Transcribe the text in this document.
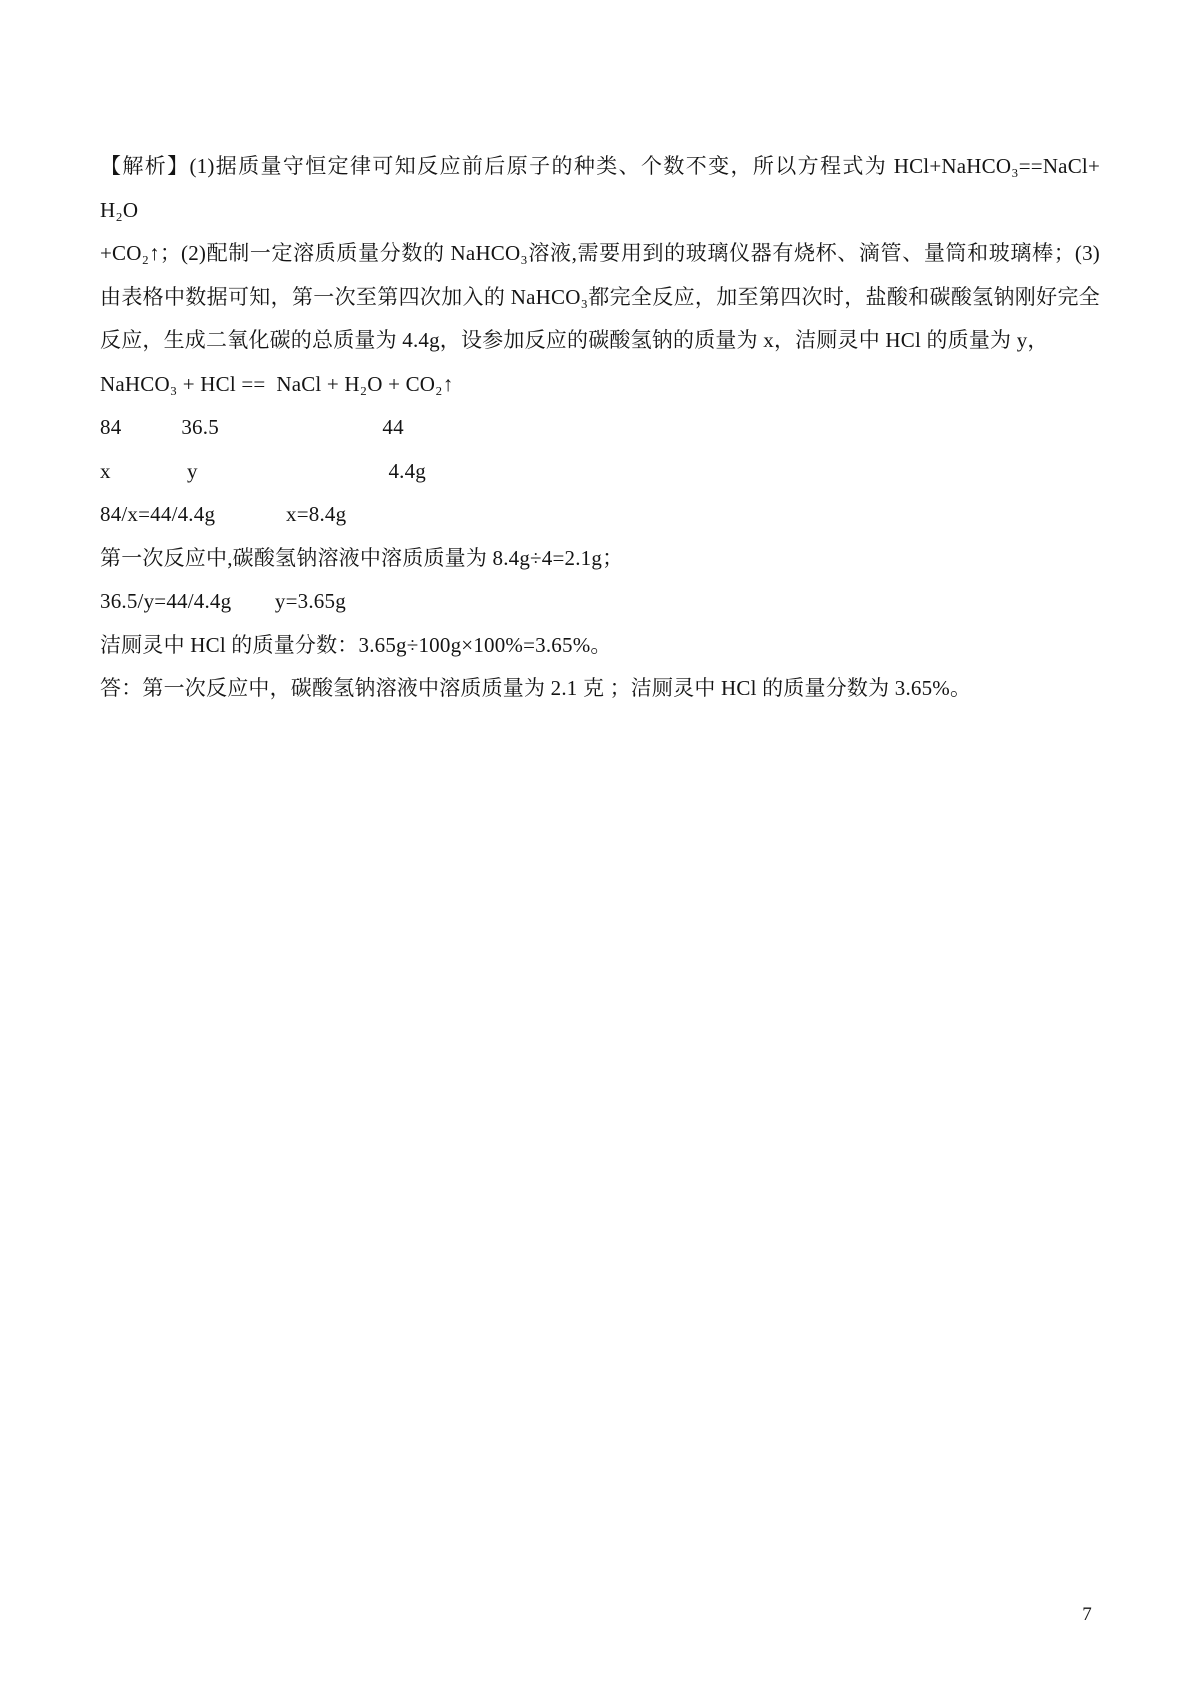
【解析】(1)据质量守恒定律可知反应前后原子的种类、个数不变，所以方程式为 HCl+NaHCO₃==NaCl+ H₂O
+CO₂↑；(2)配制一定溶质质量分数的 NaHCO₃溶液,需要用到的玻璃仪器有烧杯、滴管、量筒和玻璃棒；(3)
由表格中数据可知，第一次至第四次加入的 NaHCO₃都完全反应，加至第四次时，盐酸和碳酸氢钠刚好完全
反应，生成二氧化碳的总质量为 4.4g，设参加反应的碳酸氢钠的质量为 x，洁厕灵中 HCl 的质量为 y，
NaHCO₃ + HCl ==  NaCl + H₂O + CO₂↑
84           36.5                              44
x              y                                   4.4g
84/x=44/4.4g             x=8.4g
第一次反应中,碳酸氢钠溶液中溶质质量为 8.4g÷4=2.1g；
36.5/y=44/4.4g        y=3.65g
洁厕灵中 HCl 的质量分数：3.65g÷100g×100%=3.65%。
答：第一次反应中，碳酸氢钠溶液中溶质质量为 2.1 克 ；洁厕灵中 HCl 的质量分数为 3.65%。
7
